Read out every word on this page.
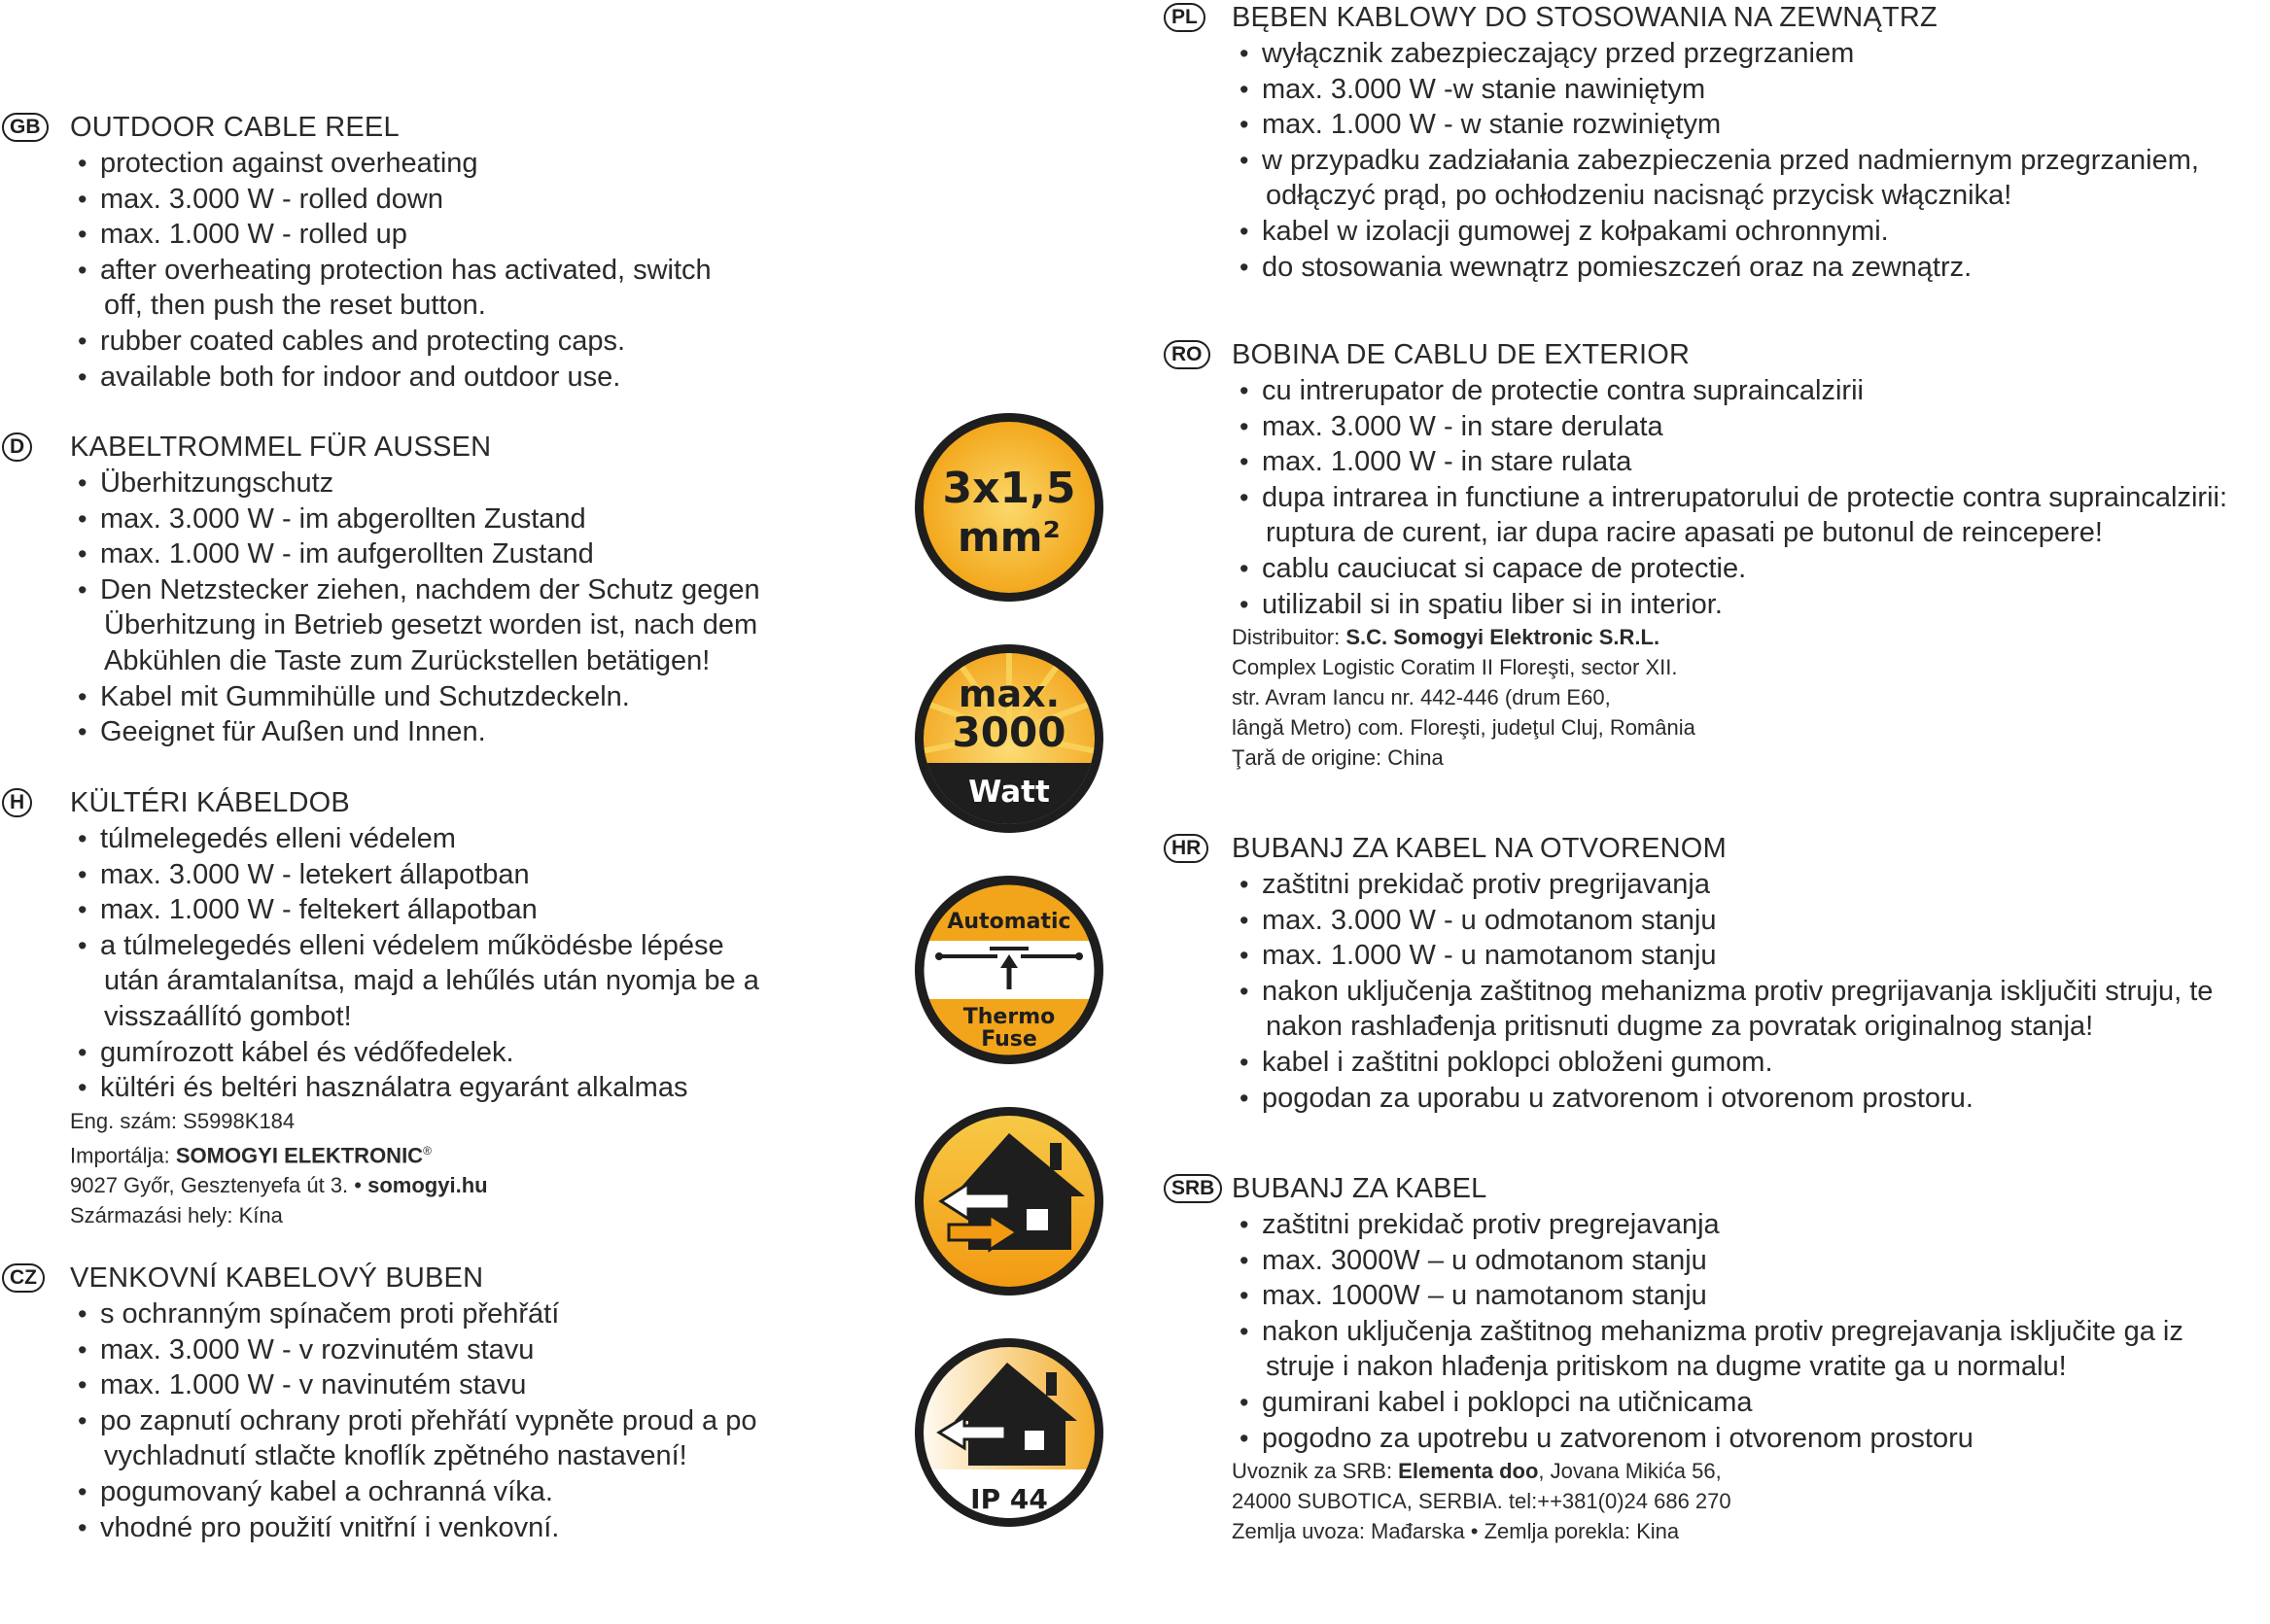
GB OUTDOOR CABLE REEL
• protection against overheating
• max. 3.000 W - rolled down
• max. 1.000 W - rolled up
• after overheating protection has activated, switch
off, then push the reset button.
• rubber coated cables and protecting caps.
• available both for indoor and outdoor use.
D KABELTROMMEL FÜR AUSSEN
• Überhitzungschutz
• max. 3.000 W - im abgerollten Zustand
• max. 1.000 W - im aufgerollten Zustand
• Den Netzstecker ziehen, nachdem der Schutz gegen
Überhitzung in Betrieb gesetzt worden ist, nach dem
Abkühlen die Taste zum Zurückstellen betätigen!
• Kabel mit Gummihülle und Schutzdeckeln.
• Geeignet für Außen und Innen.
H KÜLTÉRI KÁBELDOB
• túlmelegedés elleni védelem
• max. 3.000 W - letekert állapotban
• max. 1.000 W - feltekert állapotban
• a túlmelegedés elleni védelem működésbe lépése
után áramtalanítsa, majd a lehűlés után nyomja be a
visszaállító gombot!
• gumírozott kábel és védőfedelek.
• kültéri és beltéri használatra egyaránt alkalmas
Eng. szám: S5998K184
Importálja: SOMOGYI ELEKTRONIC®
9027 Győr, Gesztenyefa út 3. • somogyi.hu
Származási hely: Kína
CZ VENKOVNÍ KABELOVÝ BUBEN
• s ochranným spínačem proti přehřátí
• max. 3.000 W - v rozvinutém stavu
• max. 1.000 W - v navinutém stavu
• po zapnutí ochrany proti přehřátí vypněte proud a po
vychladnutí stlačte knoflík zpětného nastavení!
• pogumovaný kabel a ochranná víka.
• vhodné pro použití vnitřní i venkovní.
3x1,5
mm²
max.
3000
Watt
Automatic
Thermo
Fuse
IP 44
PL BĘBEN KABLOWY DO STOSOWANIA NA ZEWNĄTRZ
• wyłącznik zabezpieczający przed przegrzaniem
• max. 3.000 W -w stanie nawiniętym
• max. 1.000 W - w stanie rozwiniętym
• w przypadku zadziałania zabezpieczenia przed nadmiernym przegrzaniem,
odłączyć prąd, po ochłodzeniu nacisnąć przycisk włącznika!
• kabel w izolacji gumowej z kołpakami ochronnymi.
• do stosowania wewnątrz pomieszczeń oraz na zewnątrz.
RO BOBINA DE CABLU DE EXTERIOR
• cu intrerupator de protectie contra supraincalzirii
• max. 3.000 W - in stare derulata
• max. 1.000 W - in stare rulata
• dupa intrarea in functiune a intrerupatorului de protectie contra supraincalzirii:
ruptura de curent, iar dupa racire apasati pe butonul de reincepere!
• cablu cauciucat si capace de protectie.
• utilizabil si in spatiu liber si in interior.
Distribuitor: S.C. Somogyi Elektronic S.R.L.
Complex Logistic Coratim II Floreşti, sector XII.
str. Avram Iancu nr. 442-446 (drum E60,
lângă Metro) com. Floreşti, judeţul Cluj, România
Ţară de origine: China
HR BUBANJ ZA KABEL NA OTVORENOM
• zaštitni prekidač protiv pregrijavanja
• max. 3.000 W - u odmotanom stanju
• max. 1.000 W - u namotanom stanju
• nakon uključenja zaštitnog mehanizma protiv pregrijavanja isključiti struju, te
nakon rashlađenja pritisnuti dugme za povratak originalnog stanja!
• kabel i zaštitni poklopci obloženi gumom.
• pogodan za uporabu u zatvorenom i otvorenom prostoru.
SRB BUBANJ ZA KABEL
• zaštitni prekidač protiv pregrejavanja
• max. 3000W – u odmotanom stanju
• max. 1000W – u namotanom stanju
• nakon uključenja zaštitnog mehanizma protiv pregrejavanja isključite ga iz
struje i nakon hlađenja pritiskom na dugme vratite ga u normalu!
• gumirani kabel i poklopci na utičnicama
• pogodno za upotrebu u zatvorenom i otvorenom prostoru
Uvoznik za SRB: Elementa doo, Jovana Mikića 56,
24000 SUBOTICA, SERBIA. tel:++381(0)24 686 270
Zemlja uvoza: Mađarska • Zemlja porekla: Kina
